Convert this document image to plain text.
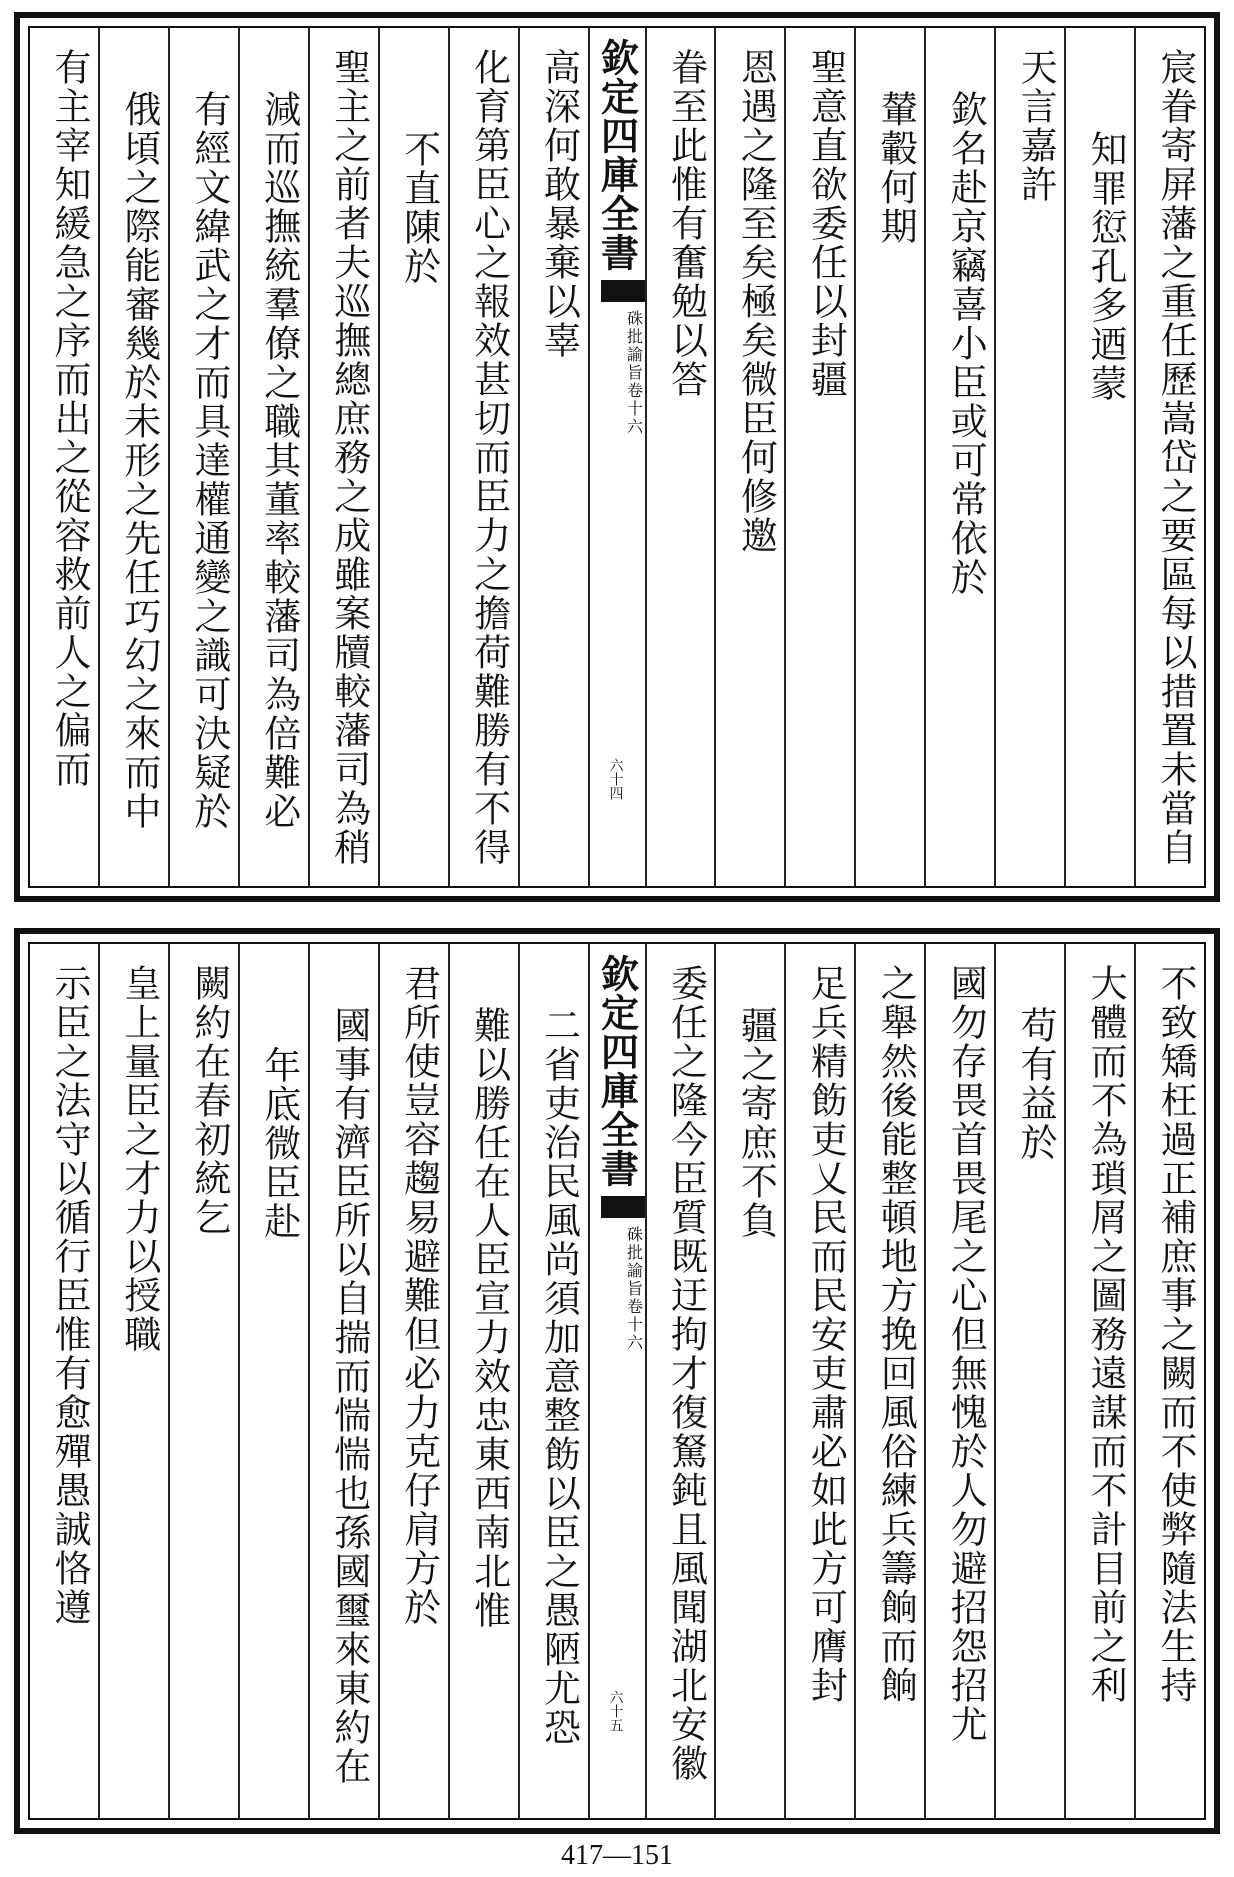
宸眷寄屏藩之重任歷嵩岱之要區每以措置未當自
知罪愆孔多迺蒙
天言嘉許
欽名赴京竊喜小臣或可常依於
輦轂何期
聖意直欲委任以封疆
恩遇之隆至矣極矣微臣何修邀
眷至此惟有奮勉以答
欽定四庫全書
硃批諭旨
卷十六
六十四
高深何敢暴棄以辜
化育第臣心之報效甚切而臣力之擔荷難勝有不得
不直陳於
聖主之前者夫巡撫總庶務之成雖案牘較藩司為稍
減而巡撫統羣僚之職其董率較藩司為倍難必
有經文緯武之才而具達權通變之識可決疑於
俄頃之際能審幾於未形之先任巧幻之來而中
有主宰知緩急之序而出之從容救前人之偏而
不致矯枉過正補庶事之闕而不使弊隨法生持
大體而不為瑣屑之圖務遠謀而不計目前之利
苟有益於
國勿存畏首畏尾之心但無愧於人勿避招怨招尤
之舉然後能整頓地方挽回風俗練兵籌餉而餉
足兵精飭吏乂民而民安吏肅必如此方可膺封
疆之寄庶不負
委任之隆今臣質既迂拘才復駑鈍且風聞湖北安徽
欽定四庫全書
硃批諭旨
卷十六
六十五
二省吏治民風尚須加意整飭以臣之愚陋尤恐
難以勝任在人臣宣力效忠東西南北惟
君所使豈容趨易避難但必力克仔肩方於
國事有濟臣所以自揣而惴惴也孫國璽來東約在
年底微臣赴
闕約在春初統乞
皇上量臣之才力以授職
示臣之法守以循行臣惟有愈殫愚誠恪遵
417—151
